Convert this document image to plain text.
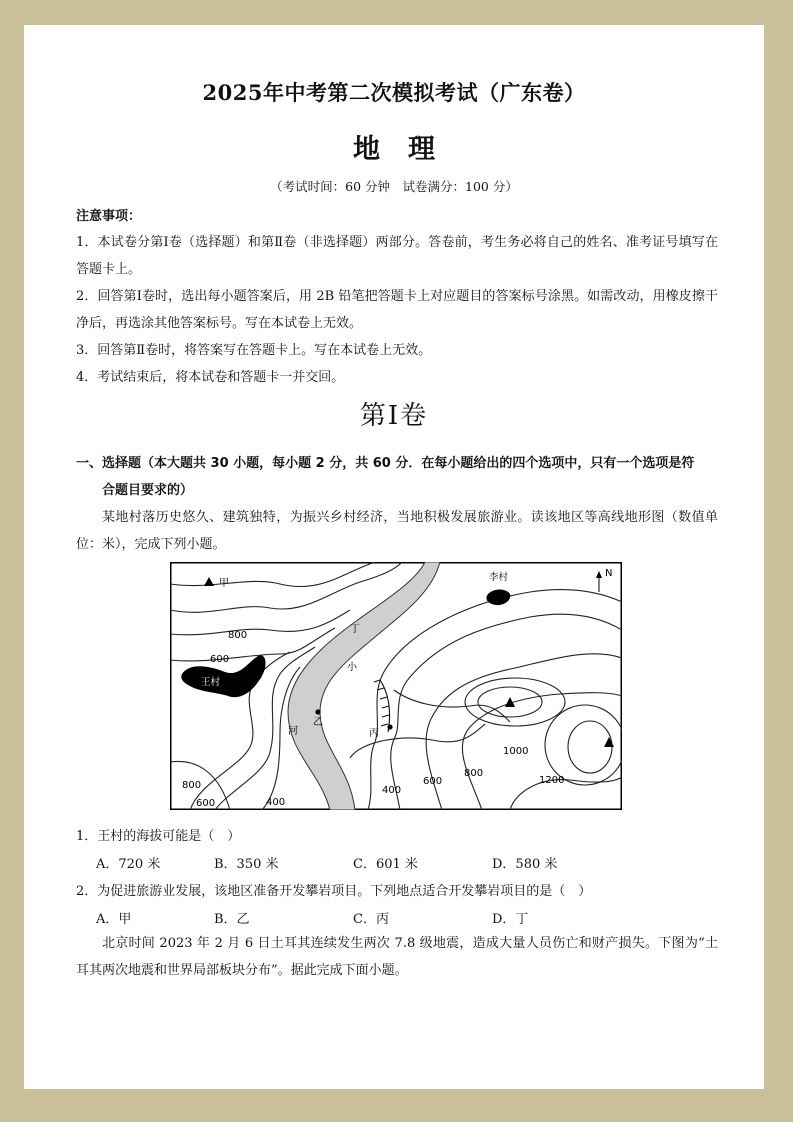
2025年中考第二次模拟考试（广东卷）
地理
（考试时间：60 分钟　试卷满分：100 分）
注意事项：
1．本试卷分第Ⅰ卷（选择题）和第Ⅱ卷（非选择题）两部分。答卷前，考生务必将自己的姓名、准考证号填写在答题卡上。
2．回答第Ⅰ卷时，选出每小题答案后，用 2B 铅笔把答题卡上对应题目的答案标号涂黑。如需改动，用橡皮擦干净后，再选涂其他答案标号。写在本试卷上无效。
3．回答第Ⅱ卷时，将答案写在答题卡上。写在本试卷上无效。
4．考试结束后，将本试卷和答题卡一并交回。
第Ⅰ卷
一、选择题（本大题共 30 小题，每小题 2 分，共 60 分．在每小题给出的四个选项中，只有一个选项是符
合题目要求的）
某地村落历史悠久、建筑独特，为振兴乡村经济，当地积极发展旅游业。读该地区等高线地形图（数值单位：米），完成下列小题。
N
甲
丁
乙
丙
王村
李村
小
河
800
600
800
600	400
400
600
800
1000
1200
1．王村的海拔可能是（　）
A．720 米	B．350 米	C．601 米	D．580 米
2．为促进旅游业发展，该地区准备开发攀岩项目。下列地点适合开发攀岩项目的是（　）
A．甲	B．乙	C．丙	D．丁
北京时间 2023 年 2 月 6 日土耳其连续发生两次 7.8 级地震，造成大量人员伤亡和财产损失。下图为“土耳其两次地震和世界局部板块分布”。据此完成下面小题。
